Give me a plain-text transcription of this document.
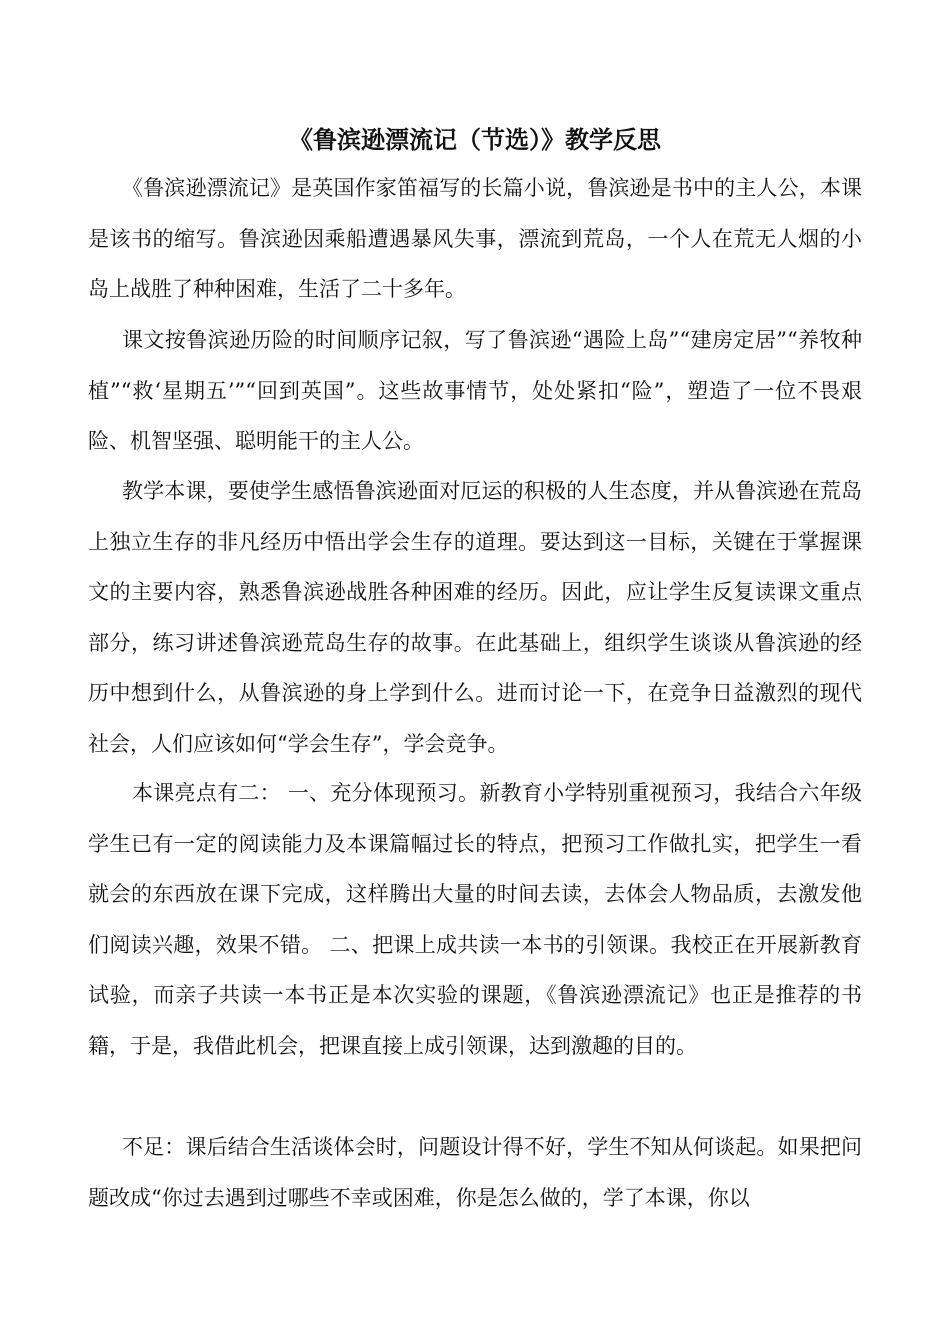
《鲁滨逊漂流记（节选）》教学反思

《鲁滨逊漂流记》是英国作家笛福写的长篇小说，鲁滨逊是书中的主人公，本课是该书的缩写。鲁滨逊因乘船遭遇暴风失事，漂流到荒岛，一个人在荒无人烟的小岛上战胜了种种困难，生活了二十多年。

课文按鲁滨逊历险的时间顺序记叙，写了鲁滨逊“遇险上岛”“建房定居”“养牧种植”“救‘星期五’”“回到英国”。这些故事情节，处处紧扣“险”，塑造了一位不畏艰险、机智坚强、聪明能干的主人公。

教学本课，要使学生感悟鲁滨逊面对厄运的积极的人生态度，并从鲁滨逊在荒岛上独立生存的非凡经历中悟出学会生存的道理。要达到这一目标，关键在于掌握课文的主要内容，熟悉鲁滨逊战胜各种困难的经历。因此，应让学生反复读课文重点部分，练习讲述鲁滨逊荒岛生存的故事。在此基础上，组织学生谈谈从鲁滨逊的经历中想到什么，从鲁滨逊的身上学到什么。进而讨论一下，在竞争日益激烈的现代社会，人们应该如何“学会生存”，学会竞争。

本课亮点有二： 一、充分体现预习。新教育小学特别重视预习，我结合六年级学生已有一定的阅读能力及本课篇幅过长的特点，把预习工作做扎实，把学生一看就会的东西放在课下完成，这样腾出大量的时间去读，去体会人物品质，去激发他们阅读兴趣，效果不错。 二、把课上成共读一本书的引领课。我校正在开展新教育试验，而亲子共读一本书正是本次实验的课题，《鲁滨逊漂流记》也正是推荐的书籍，于是，我借此机会，把课直接上成引领课，达到激趣的目的。

不足：课后结合生活谈体会时，问题设计得不好，学生不知从何谈起。如果把问题改成“你过去遇到过哪些不幸或困难，你是怎么做的，学了本课，你以
